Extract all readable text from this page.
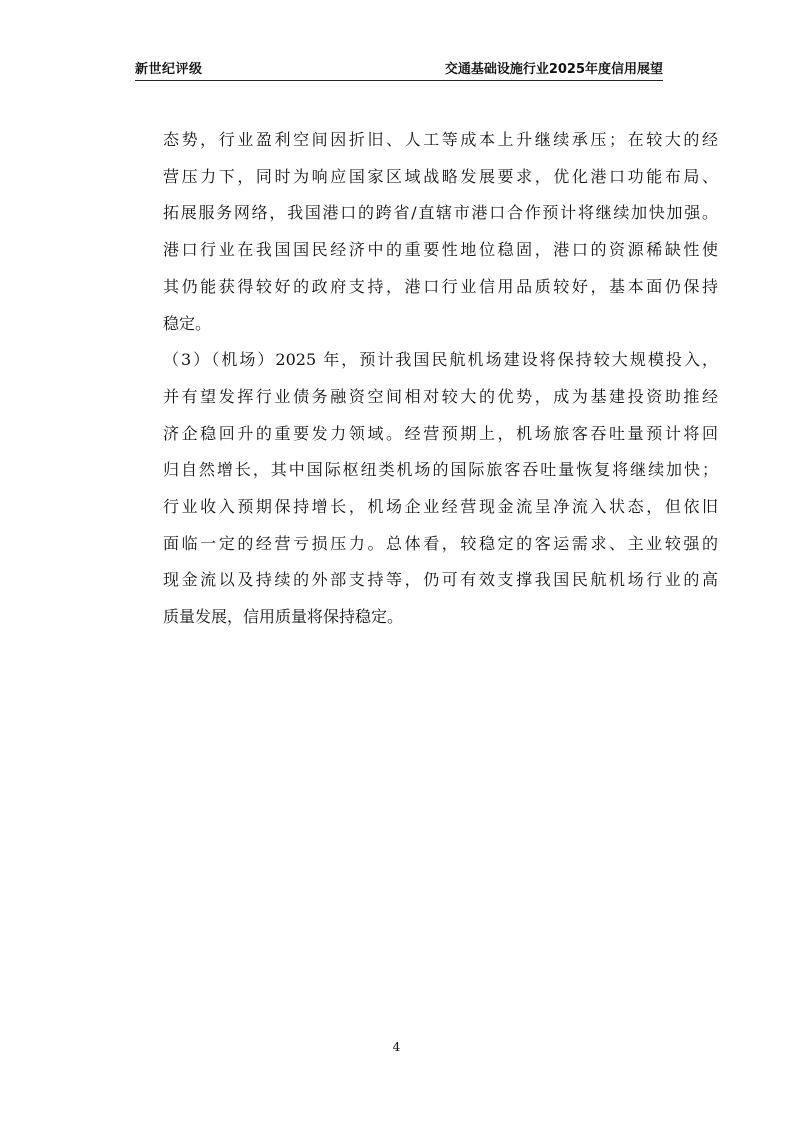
新世纪评级	交通基础设施行业2025年度信用展望
态势，行业盈利空间因折旧、人工等成本上升继续承压；在较大的经
营压力下，同时为响应国家区域战略发展要求，优化港口功能布局、
拓展服务网络，我国港口的跨省/直辖市港口合作预计将继续加快加强。
港口行业在我国国民经济中的重要性地位稳固，港口的资源稀缺性使
其仍能获得较好的政府支持，港口行业信用品质较好，基本面仍保持
稳定。
（3）（机场）2025 年，预计我国民航机场建设将保持较大规模投入，
并有望发挥行业债务融资空间相对较大的优势，成为基建投资助推经
济企稳回升的重要发力领域。经营预期上，机场旅客吞吐量预计将回
归自然增长，其中国际枢纽类机场的国际旅客吞吐量恢复将继续加快；
行业收入预期保持增长，机场企业经营现金流呈净流入状态，但依旧
面临一定的经营亏损压力。总体看，较稳定的客运需求、主业较强的
现金流以及持续的外部支持等，仍可有效支撑我国民航机场行业的高
质量发展，信用质量将保持稳定。
4
